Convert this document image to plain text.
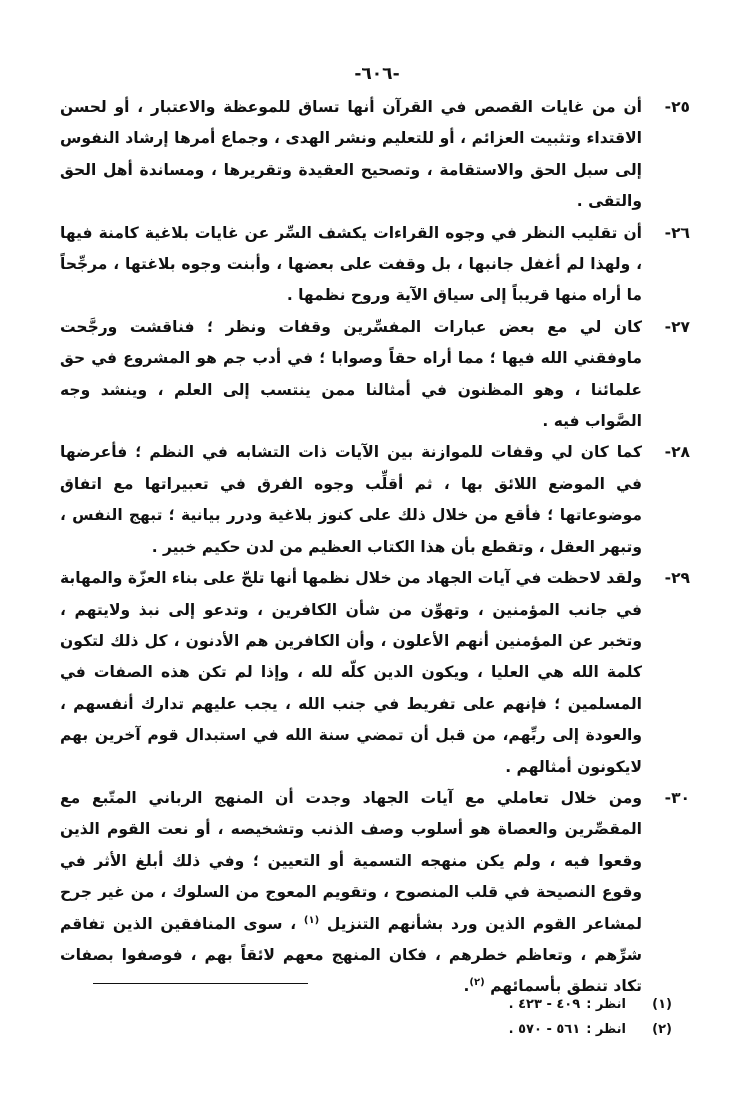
-٦٠٦-
٢٥-
أن من غايات القصص في القرآن أنها تساق للموعظة والاعتبار ، أو لحسن الاقتداء وتثبيت العزائم ، أو للتعليم ونشر الهدى ، وجماع أمرها إرشاد النفوس إلى سبل الحق والاستقامة ، وتصحيح العقيدة وتقريرها ، ومساندة أهل الحق والتقى .
٢٦-
أن تقليب النظر في وجوه القراءات يكشف السِّر عن غايات بلاغية كامنة فيها ، ولهذا لم أغفل جانبها ، بل وقفت على بعضها ، وأبنت وجوه بلاغتها ، مرجِّحاً ما أراه منها قريباً إلى سياق الآية وروح نظمها .
٢٧-
كان لي مع بعض عبارات المفسِّرين وقفات ونظر ؛ فناقشت ورجَّحت ماوفقني الله فيها ؛ مما أراه حقاً وصوابا ؛ في أدب جم هو المشروع في حق علمائنا ، وهو المظنون في أمثالنا ممن ينتسب إلى العلم ، وينشد وجه الصَّواب فيه .
٢٨-
كما كان لي وقفات للموازنة بين الآيات ذات التشابه في النظم ؛ فأعرضها في الموضع اللائق بها ، ثم أقلِّب وجوه الفرق في تعبيراتها مع اتفاق موضوعاتها ؛ فأقع من خلال ذلك على كنوز بلاغية ودرر بيانية ؛ تبهج النفس ، وتبهر العقل ، وتقطع بأن هذا الكتاب العظيم من لدن حكيم خبير .
٢٩-
ولقد لاحظت في آيات الجهاد من خلال نظمها أنها تلحّ على بناء العزّة والمهابة في جانب المؤمنين ، وتهوِّن من شأن الكافرين ، وتدعو إلى نبذ ولايتهم ، وتخبر عن المؤمنين أنهم الأعلون ، وأن الكافرين هم الأدنون ، كل ذلك لتكون كلمة الله هي العليا ، ويكون الدين كلّه لله ، وإذا لم تكن هذه الصفات في المسلمين ؛ فإنهم على تفريط في جنب الله ، يجب عليهم تدارك أنفسهم ، والعودة إلى ربِّهم، من قبل أن تمضي سنة الله في استبدال قوم آخرين بهم لايكونون أمثالهم .
٣٠-
ومن خلال تعاملي مع آيات الجهاد وجدت أن المنهج الرباني المتّبع مع المقصِّرين والعصاة هو أسلوب وصف الذنب وتشخيصه ، أو نعت القوم الذين وقعوا فيه ، ولم يكن منهجه التسمية أو التعيين ؛ وفي ذلك أبلغ الأثر في وقوع النصيحة في قلب المنصوح ، وتقويم المعوج من السلوك ، من غير جرح لمشاعر القوم الذين ورد بشأنهم التنزيل $^{(١)}$ ، سوى المنافقين الذين تفاقم شرِّهم ، وتعاظم خطرهم ، فكان المنهج معهم لائقاً بهم ، فوصفوا بصفات تكاد تنطق بأسمائهم $^{(٢)}$.
(١)
انظر :
٤٠٩ - ٤٢٣ .
(٢)
انظر :
٥٦١ - ٥٧٠ .
